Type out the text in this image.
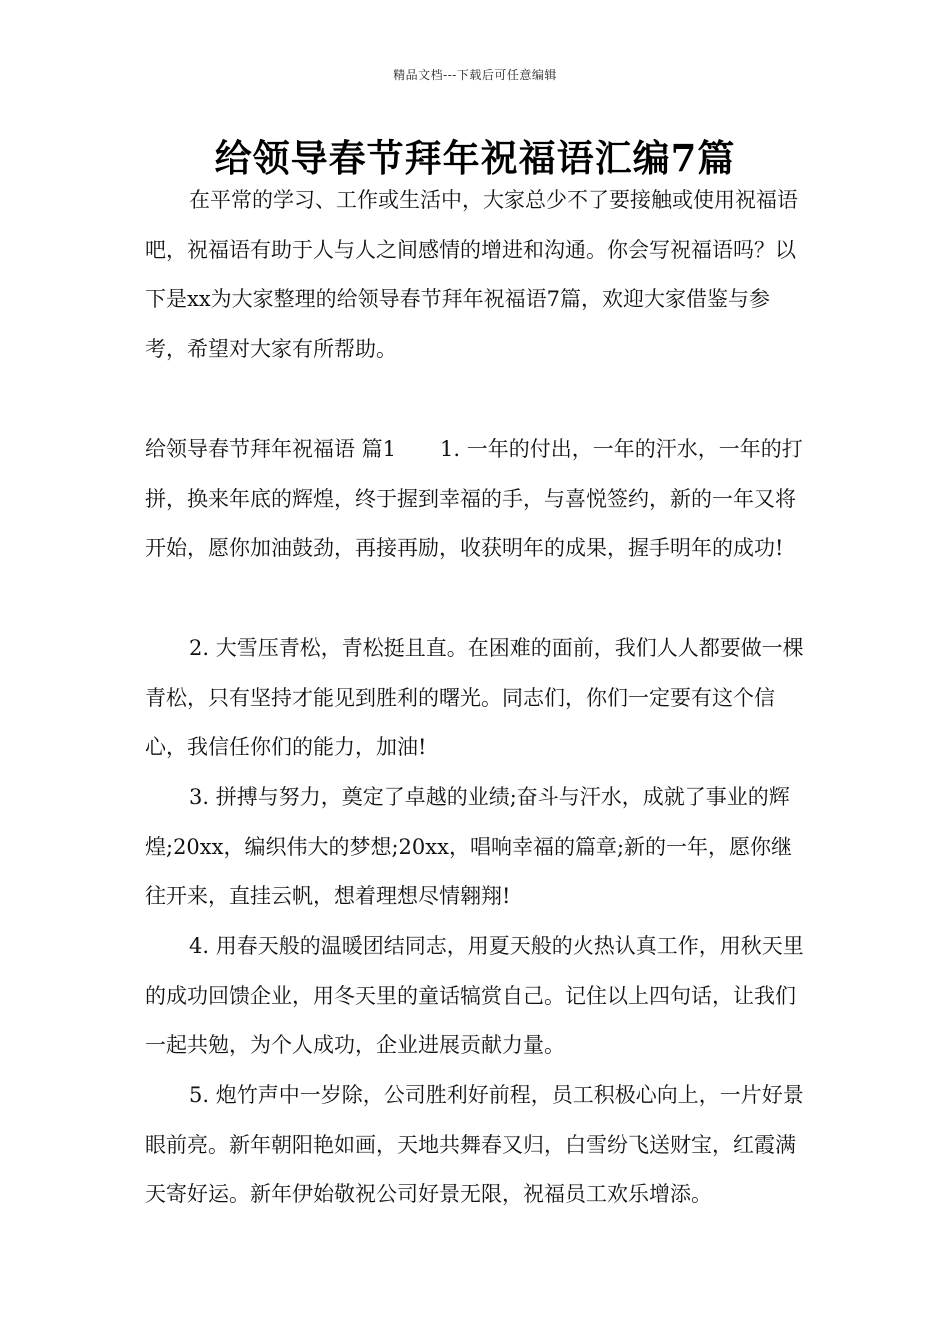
精品文档---下载后可任意编辑
给领导春节拜年祝福语汇编7篇

在平常的学习、工作或生活中，大家总少不了要接触或使用祝福语吧，祝福语有助于人与人之间感情的增进和沟通。你会写祝福语吗？以下是xx为大家整理的给领导春节拜年祝福语7篇，欢迎大家借鉴与参考，希望对大家有所帮助。

给领导春节拜年祝福语 篇1 1. 一年的付出，一年的汗水，一年的打拼，换来年底的辉煌，终于握到幸福的手，与喜悦签约，新的一年又将开始，愿你加油鼓劲，再接再励，收获明年的成果，握手明年的成功!

2. 大雪压青松，青松挺且直。在困难的面前，我们人人都要做一棵青松，只有坚持才能见到胜利的曙光。同志们，你们一定要有这个信心，我信任你们的能力，加油!

3. 拼搏与努力，奠定了卓越的业绩;奋斗与汗水，成就了事业的辉煌;20xx，编织伟大的梦想;20xx，唱响幸福的篇章;新的一年，愿你继往开来，直挂云帆，想着理想尽情翱翔!

4. 用春天般的温暖团结同志，用夏天般的火热认真工作，用秋天里的成功回馈企业，用冬天里的童话犒赏自己。记住以上四句话，让我们一起共勉，为个人成功，企业进展贡献力量。

5. 炮竹声中一岁除，公司胜利好前程，员工积极心向上，一片好景眼前亮。新年朝阳艳如画，天地共舞春又归，白雪纷飞送财宝，红霞满天寄好运。新年伊始敬祝公司好景无限，祝福员工欢乐增添。
